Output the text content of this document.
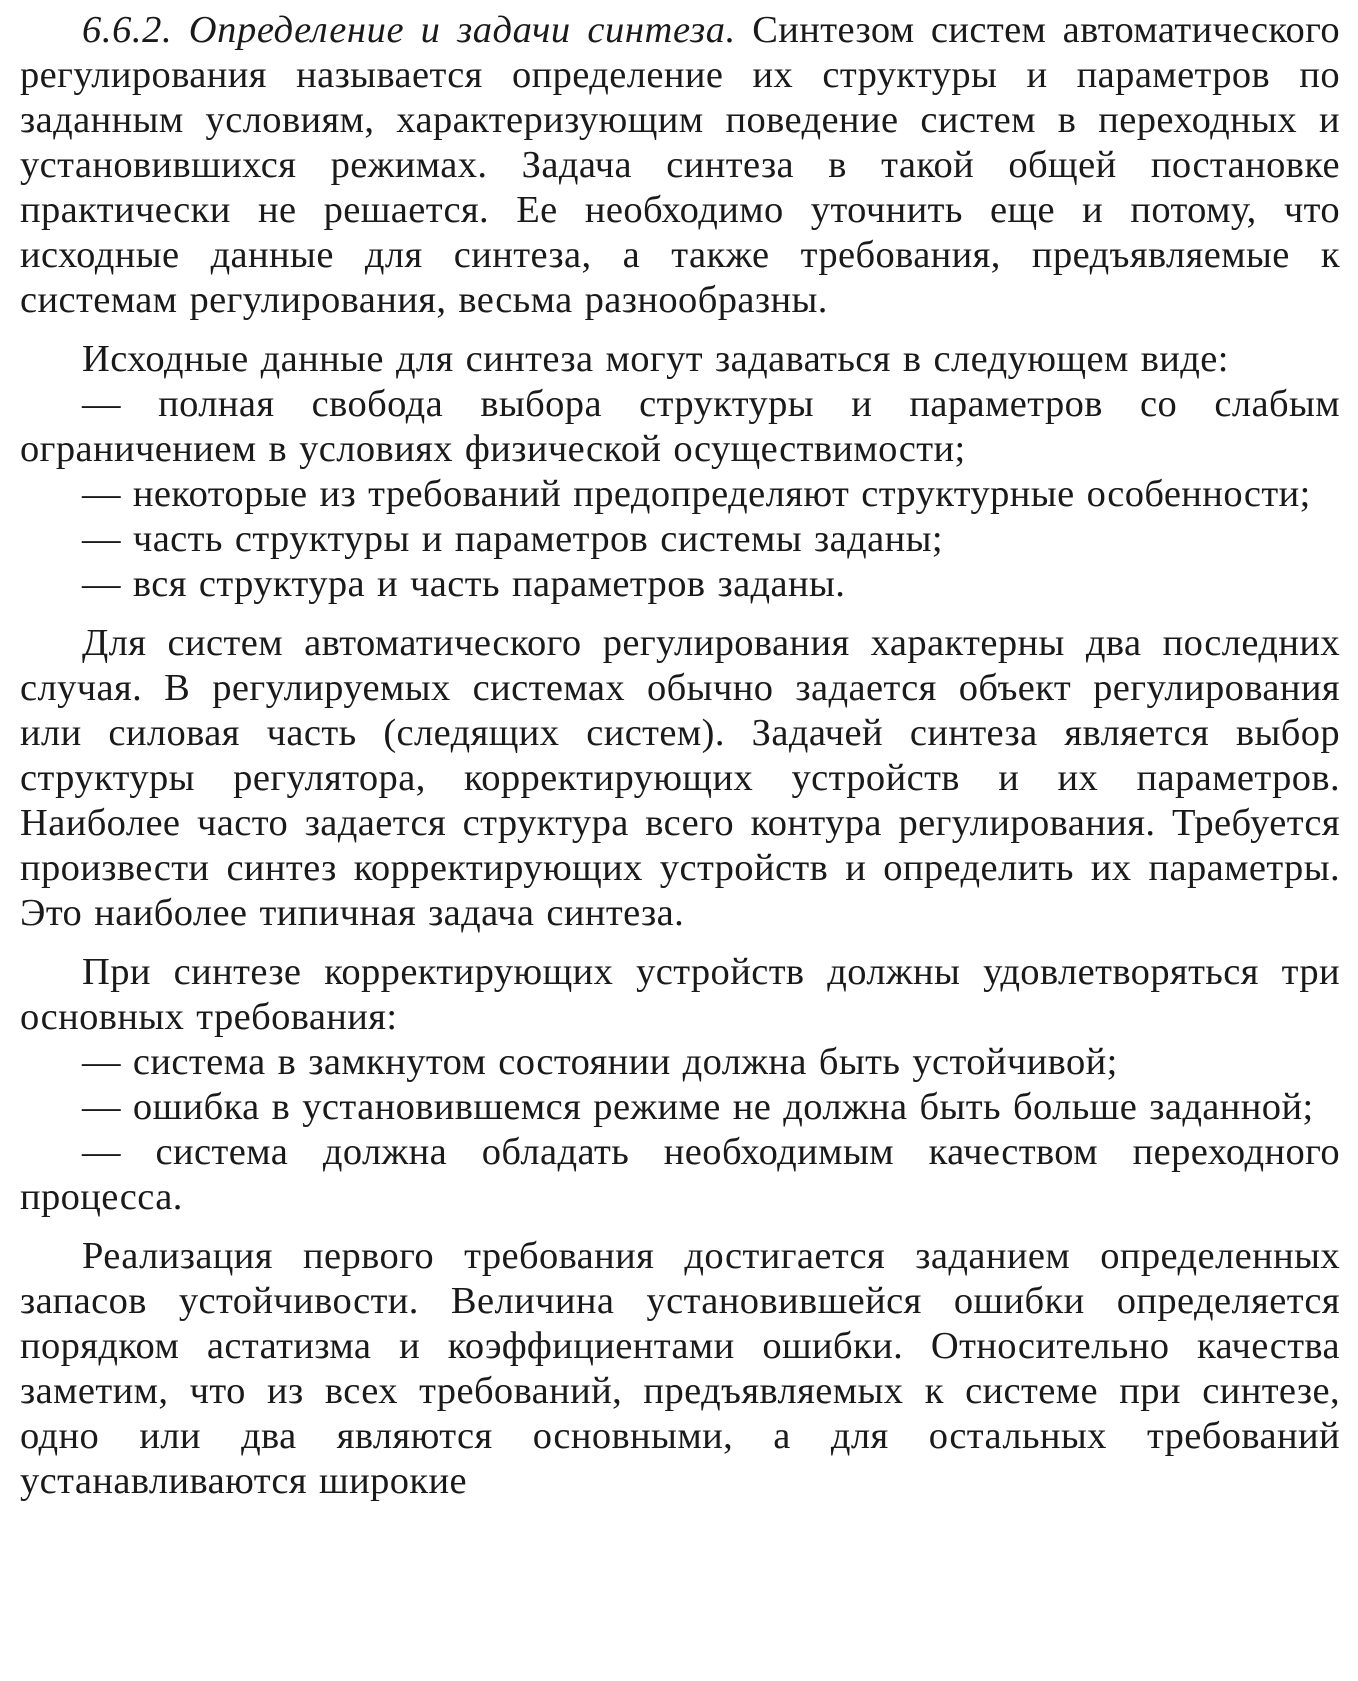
6.6.2. Определение и задачи синтеза. Синтезом систем автоматического регулирования называется определение их структуры и параметров по заданным условиям, характеризующим поведение систем в переходных и установившихся режимах. Задача синтеза в такой общей постановке практически не решается. Ее необходимо уточнить еще и потому, что исходные данные для синтеза, а также требования, предъявляемые к системам регулирования, весьма разнообразны.

Исходные данные для синтеза могут задаваться в следующем виде:

— полная свобода выбора структуры и параметров со слабым ограничением в условиях физической осуществимости;

— некоторые из требований предопределяют структурные особенности;

— часть структуры и параметров системы заданы;

— вся структура и часть параметров заданы.

Для систем автоматического регулирования характерны два последних случая. В регулируемых системах обычно задается объект регулирования или силовая часть (следящих систем). Задачей синтеза является выбор структуры регулятора, корректирующих устройств и их параметров. Наиболее часто задается структура всего контура регулирования. Требуется произвести синтез корректирующих устройств и определить их параметры. Это наиболее типичная задача синтеза.

При синтезе корректирующих устройств должны удовлетворяться три основных требования:

— система в замкнутом состоянии должна быть устойчивой;

— ошибка в установившемся режиме не должна быть больше заданной;

— система должна обладать необходимым качеством переходного процесса.

Реализация первого требования достигается заданием определенных запасов устойчивости. Величина установившейся ошибки определяется порядком астатизма и коэффициентами ошибки. Относительно качества заметим, что из всех требований, предъявляемых к системе при синтезе, одно или два являются основными, а для остальных требований устанавливаются широкие
